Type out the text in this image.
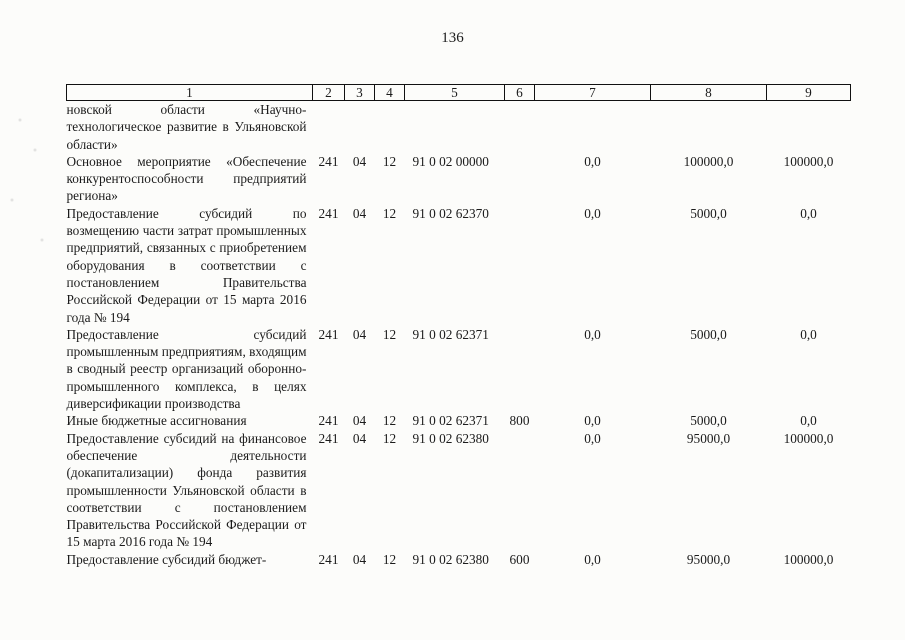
136
1	2	3	4	5	6	7	8	9
новской области «Научно-технологическое развитие в Ульяновской области»								
Основное мероприятие «Обеспечение конкурентоспособности предприятий региона»	241	04	12	91 0 02 00000		0,0	100000,0	100000,0
Предоставление субсидий по возмещению части затрат промышленных предприятий, связанных с приобретением оборудования в соответствии с постановлением Правительства Российской Федерации от 15 марта 2016 года № 194	241	04	12	91 0 02 62370		0,0	5000,0	0,0
Предоставление субсидий промышленным предприятиям, входящим в сводный реестр организаций оборонно-промышленного комплекса, в целях диверсификации производства	241	04	12	91 0 02 62371		0,0	5000,0	0,0
Иные бюджетные ассигнования	241	04	12	91 0 02 62371	800	0,0	5000,0	0,0
Предоставление субсидий на финансовое обеспечение деятельности (докапитализации) фонда развития промышленности Ульяновской области в соответствии с постановлением Правительства Российской Федерации от 15 марта 2016 года № 194	241	04	12	91 0 02 62380		0,0	95000,0	100000,0
Предоставление субсидий бюджет-	241	04	12	91 0 02 62380	600	0,0	95000,0	100000,0
